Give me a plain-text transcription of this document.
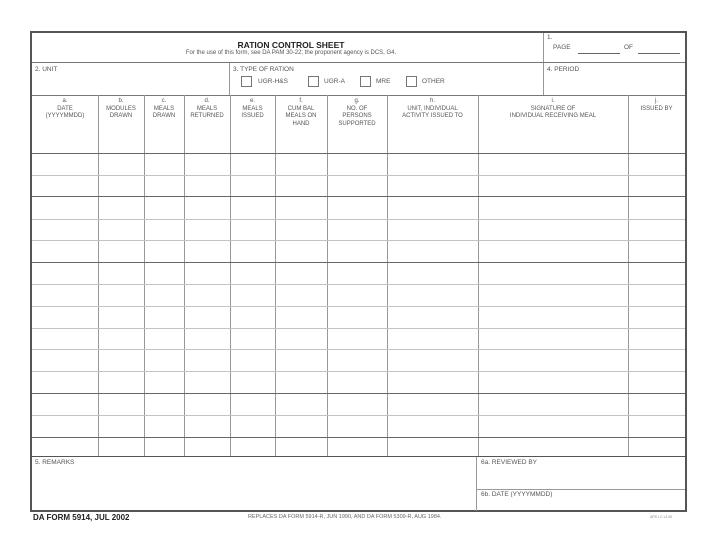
RATION CONTROL SHEET
For the use of this form, see DA PAM 30-22; the proponent agency is DCS, G4.
1.
PAGE	OF
2. UNIT	3. TYPE OF RATION
UGR-H&S	UGR-A	MRE	OTHER
4. PERIOD
a.
DATE
(YYYYMMDD)
b.
MODULES
DRAWN
c.
MEALS
DRAWN
d.
MEALS
RETURNED
e.
MEALS
ISSUED
f.
CUM BAL
MEALS ON
HAND
g.
NO. OF
PERSONS
SUPPORTED
h.
UNIT, INDIVIDUAL
ACTIVITY ISSUED TO
i.
SIGNATURE OF
INDIVIDUAL RECEIVING MEAL
j.
ISSUED BY
5. REMARKS	6a. REVIEWED BY
6b. DATE (YYYYMMDD)
DA FORM 5914, JUL 2002	REPLACES DA FORM 5914-R, JUN 1990, AND DA FORM 5309-R, AUG 1984.	APD LC v1.00
